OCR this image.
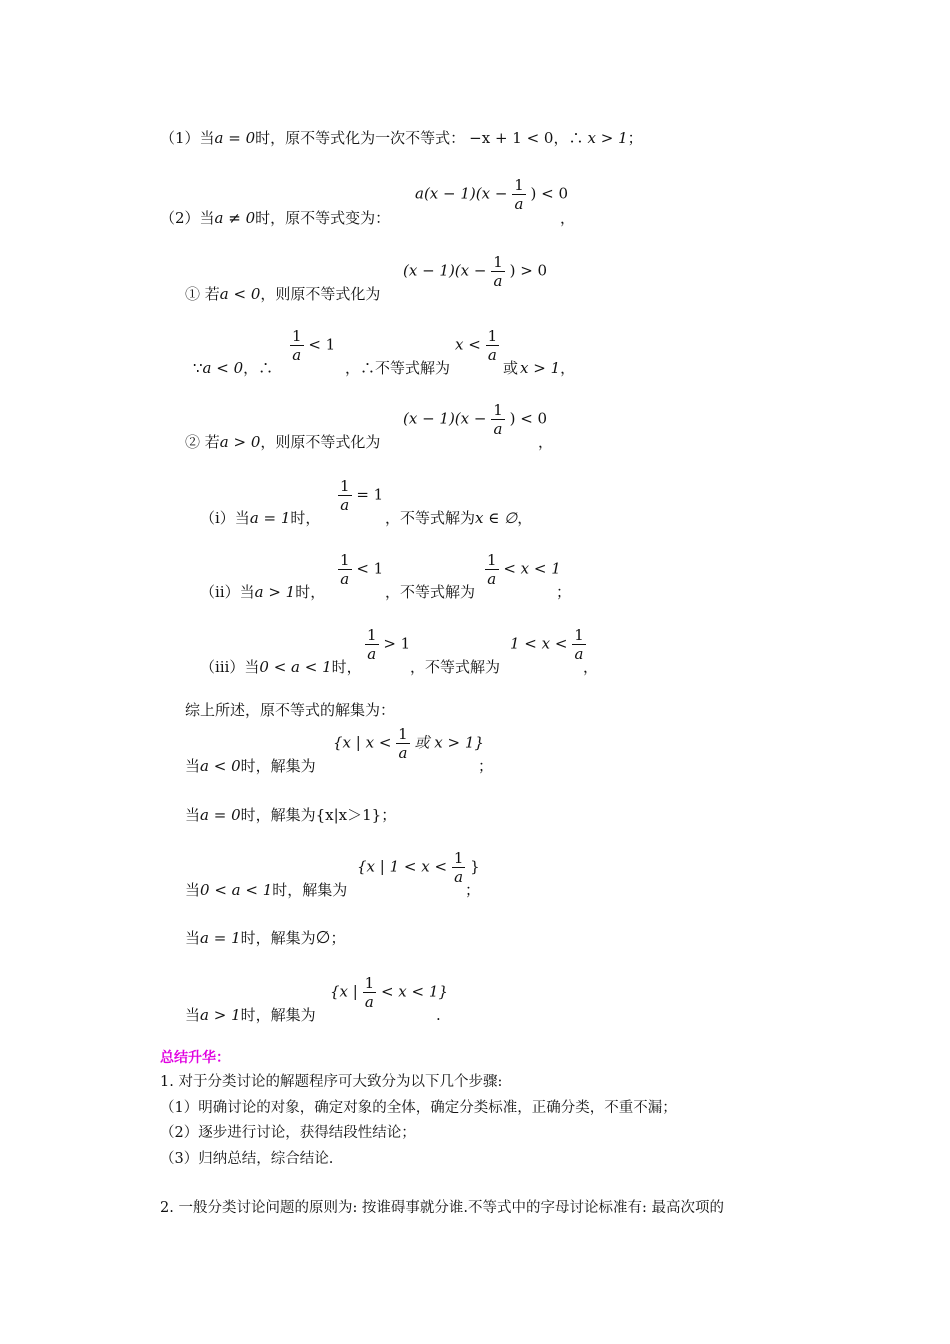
（1）当a = 0时，原不等式化为一次不等式： −x + 1 < 0，∴ x > 1；
（2）当a ≠ 0时，原不等式变为：
$a(x - 1)(x - \frac{1}{a}$ ) < 0
，
① 若a < 0，则原不等式化为
$(x - 1)(x - \frac{1}{a}$ ) > 0
∵a < 0，∴
$\frac{1}{a} < 1$
，∴不等式解为
$x < \frac{1}{a}$
或 x > 1，
② 若a > 0，则原不等式化为
$(x - 1)(x - \frac{1}{a}$ ) < 0
，
（ⅰ）当a = 1时，
$\frac{1}{a} = 1$
，不等式解为x ∈ ∅，
（ⅱ）当a > 1时，
$\frac{1}{a} < 1$
，不等式解为
$\frac{1}{a} < x < 1$
；
（ⅲ）当0 < a < 1时，
$\frac{1}{a} > 1$
，不等式解为
$1 < x < \frac{1}{a}$
，
综上所述，原不等式的解集为：
当a < 0时，解集为
{x | $x < \frac{1}{a}$ 或 x > 1}
；
当a = 0时，解集为{x|x＞1}；
当0 < a < 1时，解集为
{x | $1 < x < \frac{1}{a}$ }
；
当a = 1时，解集为∅；
当a > 1时，解集为
{x | $\frac{1}{a} < x < 1$}
.
总结升华：
1. 对于分类讨论的解题程序可大致分为以下几个步骤:
（1）明确讨论的对象，确定对象的全体，确定分类标准，正确分类，不重不漏；
（2）逐步进行讨论，获得结段性结论；
（3）归纳总结，综合结论.
2. 一般分类讨论问题的原则为: 按谁碍事就分谁.不等式中的字母讨论标准有: 最高次项的
